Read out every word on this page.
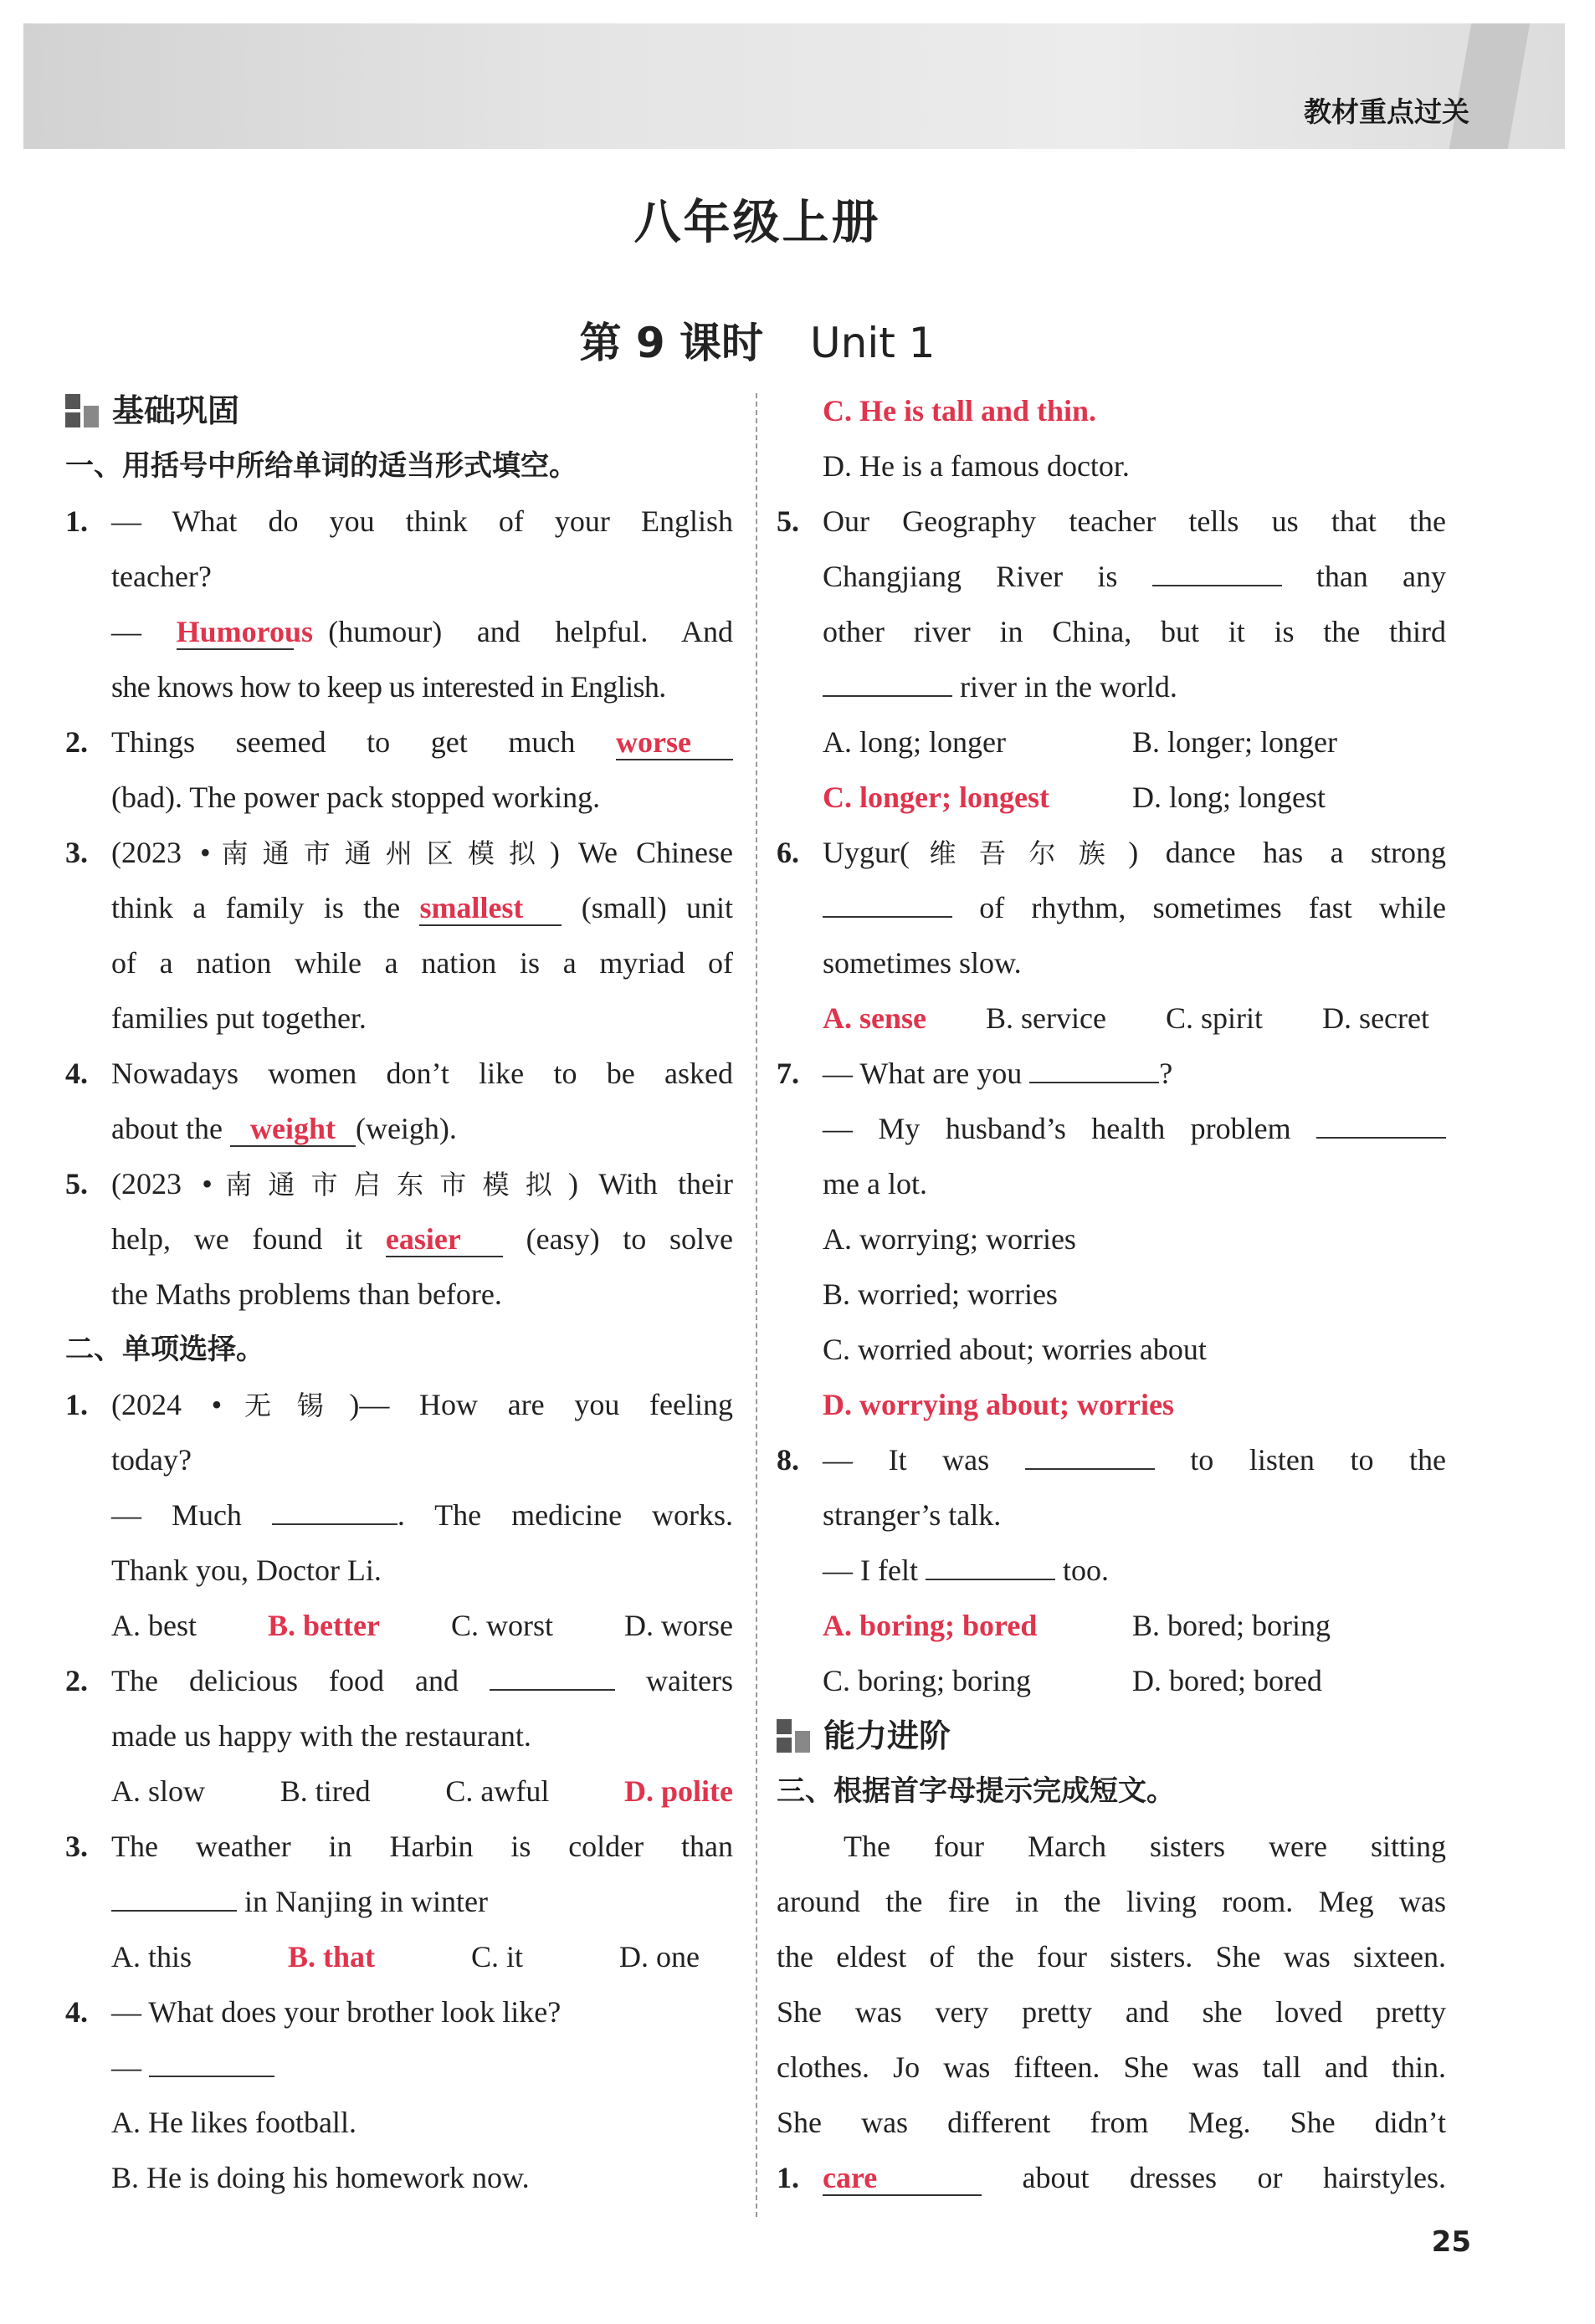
教材重点过关
八年级上册
第 9 课时 Unit 1
基础巩固
一、用括号中所给单词的适当形式填空。
1. — What do you think of your English
teacher?
— Humorous (humour) and helpful. And
she knows how to keep us interested in English.
2. Things seemed to get much worse
(bad). The power pack stopped working.
3. (2023 •南通市通州区模拟) We Chinese
think a family is the smallest (small) unit
of a nation while a nation is a myriad of
families put together.
4. Nowadays women don’t like to be asked
about the weight (weigh).
5. (2023 •南通市启东市模拟) With their
help, we found it easier (easy) to solve
the Maths problems than before.
二、单项选择。
1. (2024 •无锡)— How are you feeling
today?
— Much	. The medicine works.
Thank you, Doctor Li.
A. best B. better C. worst D. worse
2. The delicious food and	waiters
made us happy with the restaurant.
A. slow B. tired C. awful D. polite
3. The weather in Harbin is colder than
in Nanjing in winter
A. this	B. that	C. it	D. one
4. — What does your brother look like?
—
A. He likes football.
B. He is doing his homework now.
C. He is tall and thin.
D. He is a famous doctor.
5. Our Geography teacher tells us that the
Changjiang River is	than any
other river in China, but it is the third
river in the world.
A. long; longer	B. longer; longer
C. longer; longest	D. long; longest
6. Uygur(维吾尔族) dance has a strong
of rhythm, sometimes fast while
sometimes slow.
A. sense B. service C. spirit D. secret
7. — What are you	?
— My husband’s health problem
me a lot.
A. worrying; worries
B. worried; worries
C. worried about; worries about
D. worrying about; worries
8. — It was	to listen to the
stranger’s talk.
— I felt	too.
A. boring; bored	B. bored; boring
C. boring; boring	D. bored; bored
能力进阶
三、根据首字母提示完成短文。
The four March sisters were sitting
around the fire in the living room. Meg was
the eldest of the four sisters. She was sixteen.
She was very pretty and she loved pretty
clothes. Jo was fifteen. She was tall and thin.
She was different from Meg. She didn’t
1. care	about dresses or hairstyles.
25
